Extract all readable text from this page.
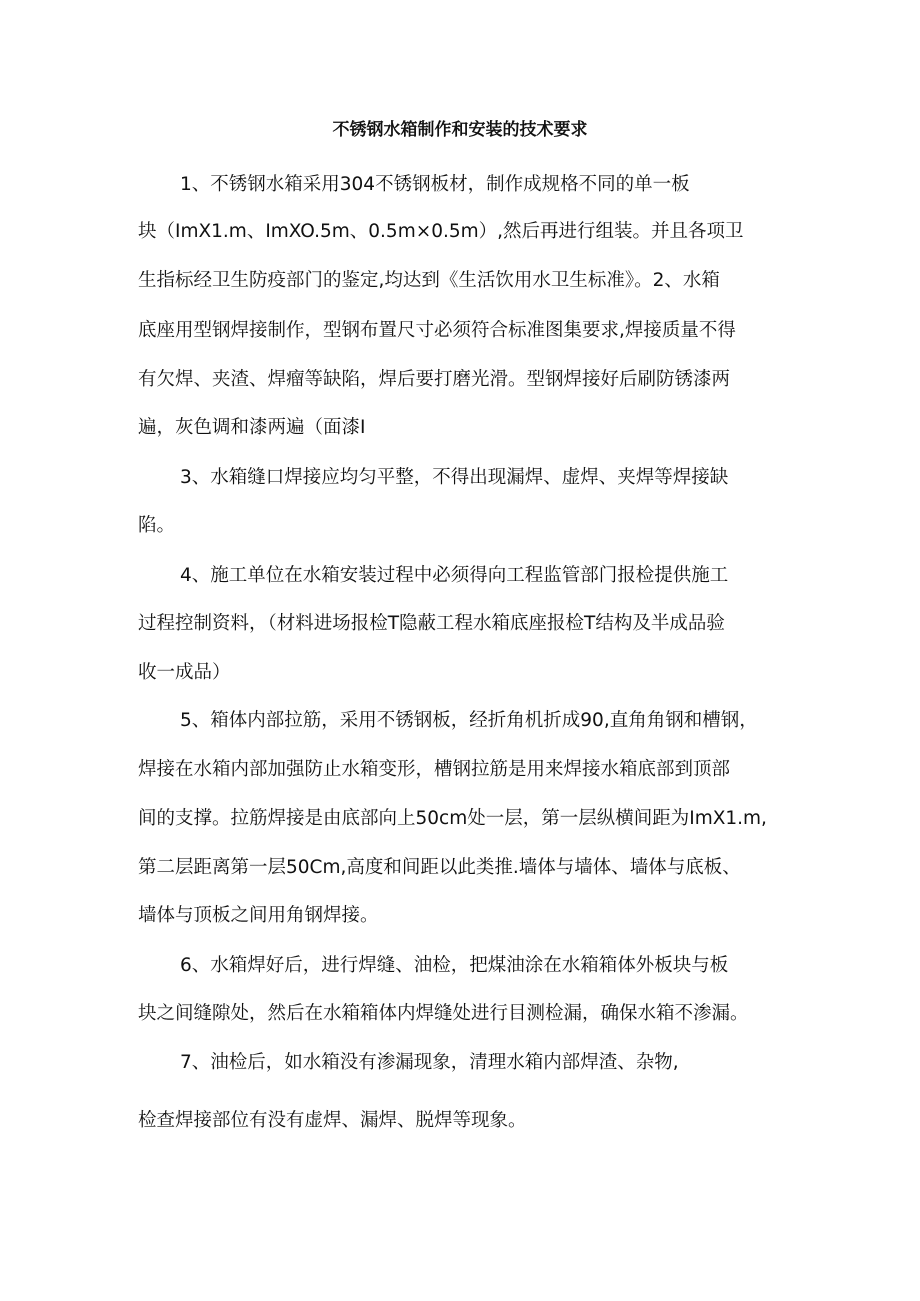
不锈钢水箱制作和安装的技术要求
1、不锈钢水箱采用304不锈钢板材，制作成规格不同的单一板
块（ImX1.m、ImXO.5m、0.5m×0.5m）,然后再进行组装。并且各项卫
生指标经卫生防疫部门的鉴定,均达到《生活饮用水卫生标准》。2、水箱
底座用型钢焊接制作，型钢布置尺寸必须符合标准图集要求,焊接质量不得
有欠焊、夹渣、焊瘤等缺陷，焊后要打磨光滑。型钢焊接好后刷防锈漆两
遍，灰色调和漆两遍（面漆I
3、水箱缝口焊接应均匀平整，不得出现漏焊、虚焊、夹焊等焊接缺
陷。
4、施工单位在水箱安装过程中必须得向工程监管部门报检提供施工
过程控制资料，（材料进场报检T隐蔽工程水箱底座报检T结构及半成品验
收一成品）
5、箱体内部拉筋，采用不锈钢板，经折角机折成90,直角角钢和槽钢，
焊接在水箱内部加强防止水箱变形，槽钢拉筋是用来焊接水箱底部到顶部
间的支撑。拉筋焊接是由底部向上50cm处一层，第一层纵横间距为ImX1.m,
第二层距离第一层50Cm,高度和间距以此类推.墙体与墙体、墙体与底板、
墙体与顶板之间用角钢焊接。
6、水箱焊好后，进行焊缝、油检，把煤油涂在水箱箱体外板块与板
块之间缝隙处，然后在水箱箱体内焊缝处进行目测检漏，确保水箱不渗漏。
7、油检后，如水箱没有渗漏现象，清理水箱内部焊渣、杂物,
检查焊接部位有没有虚焊、漏焊、脱焊等现象。
